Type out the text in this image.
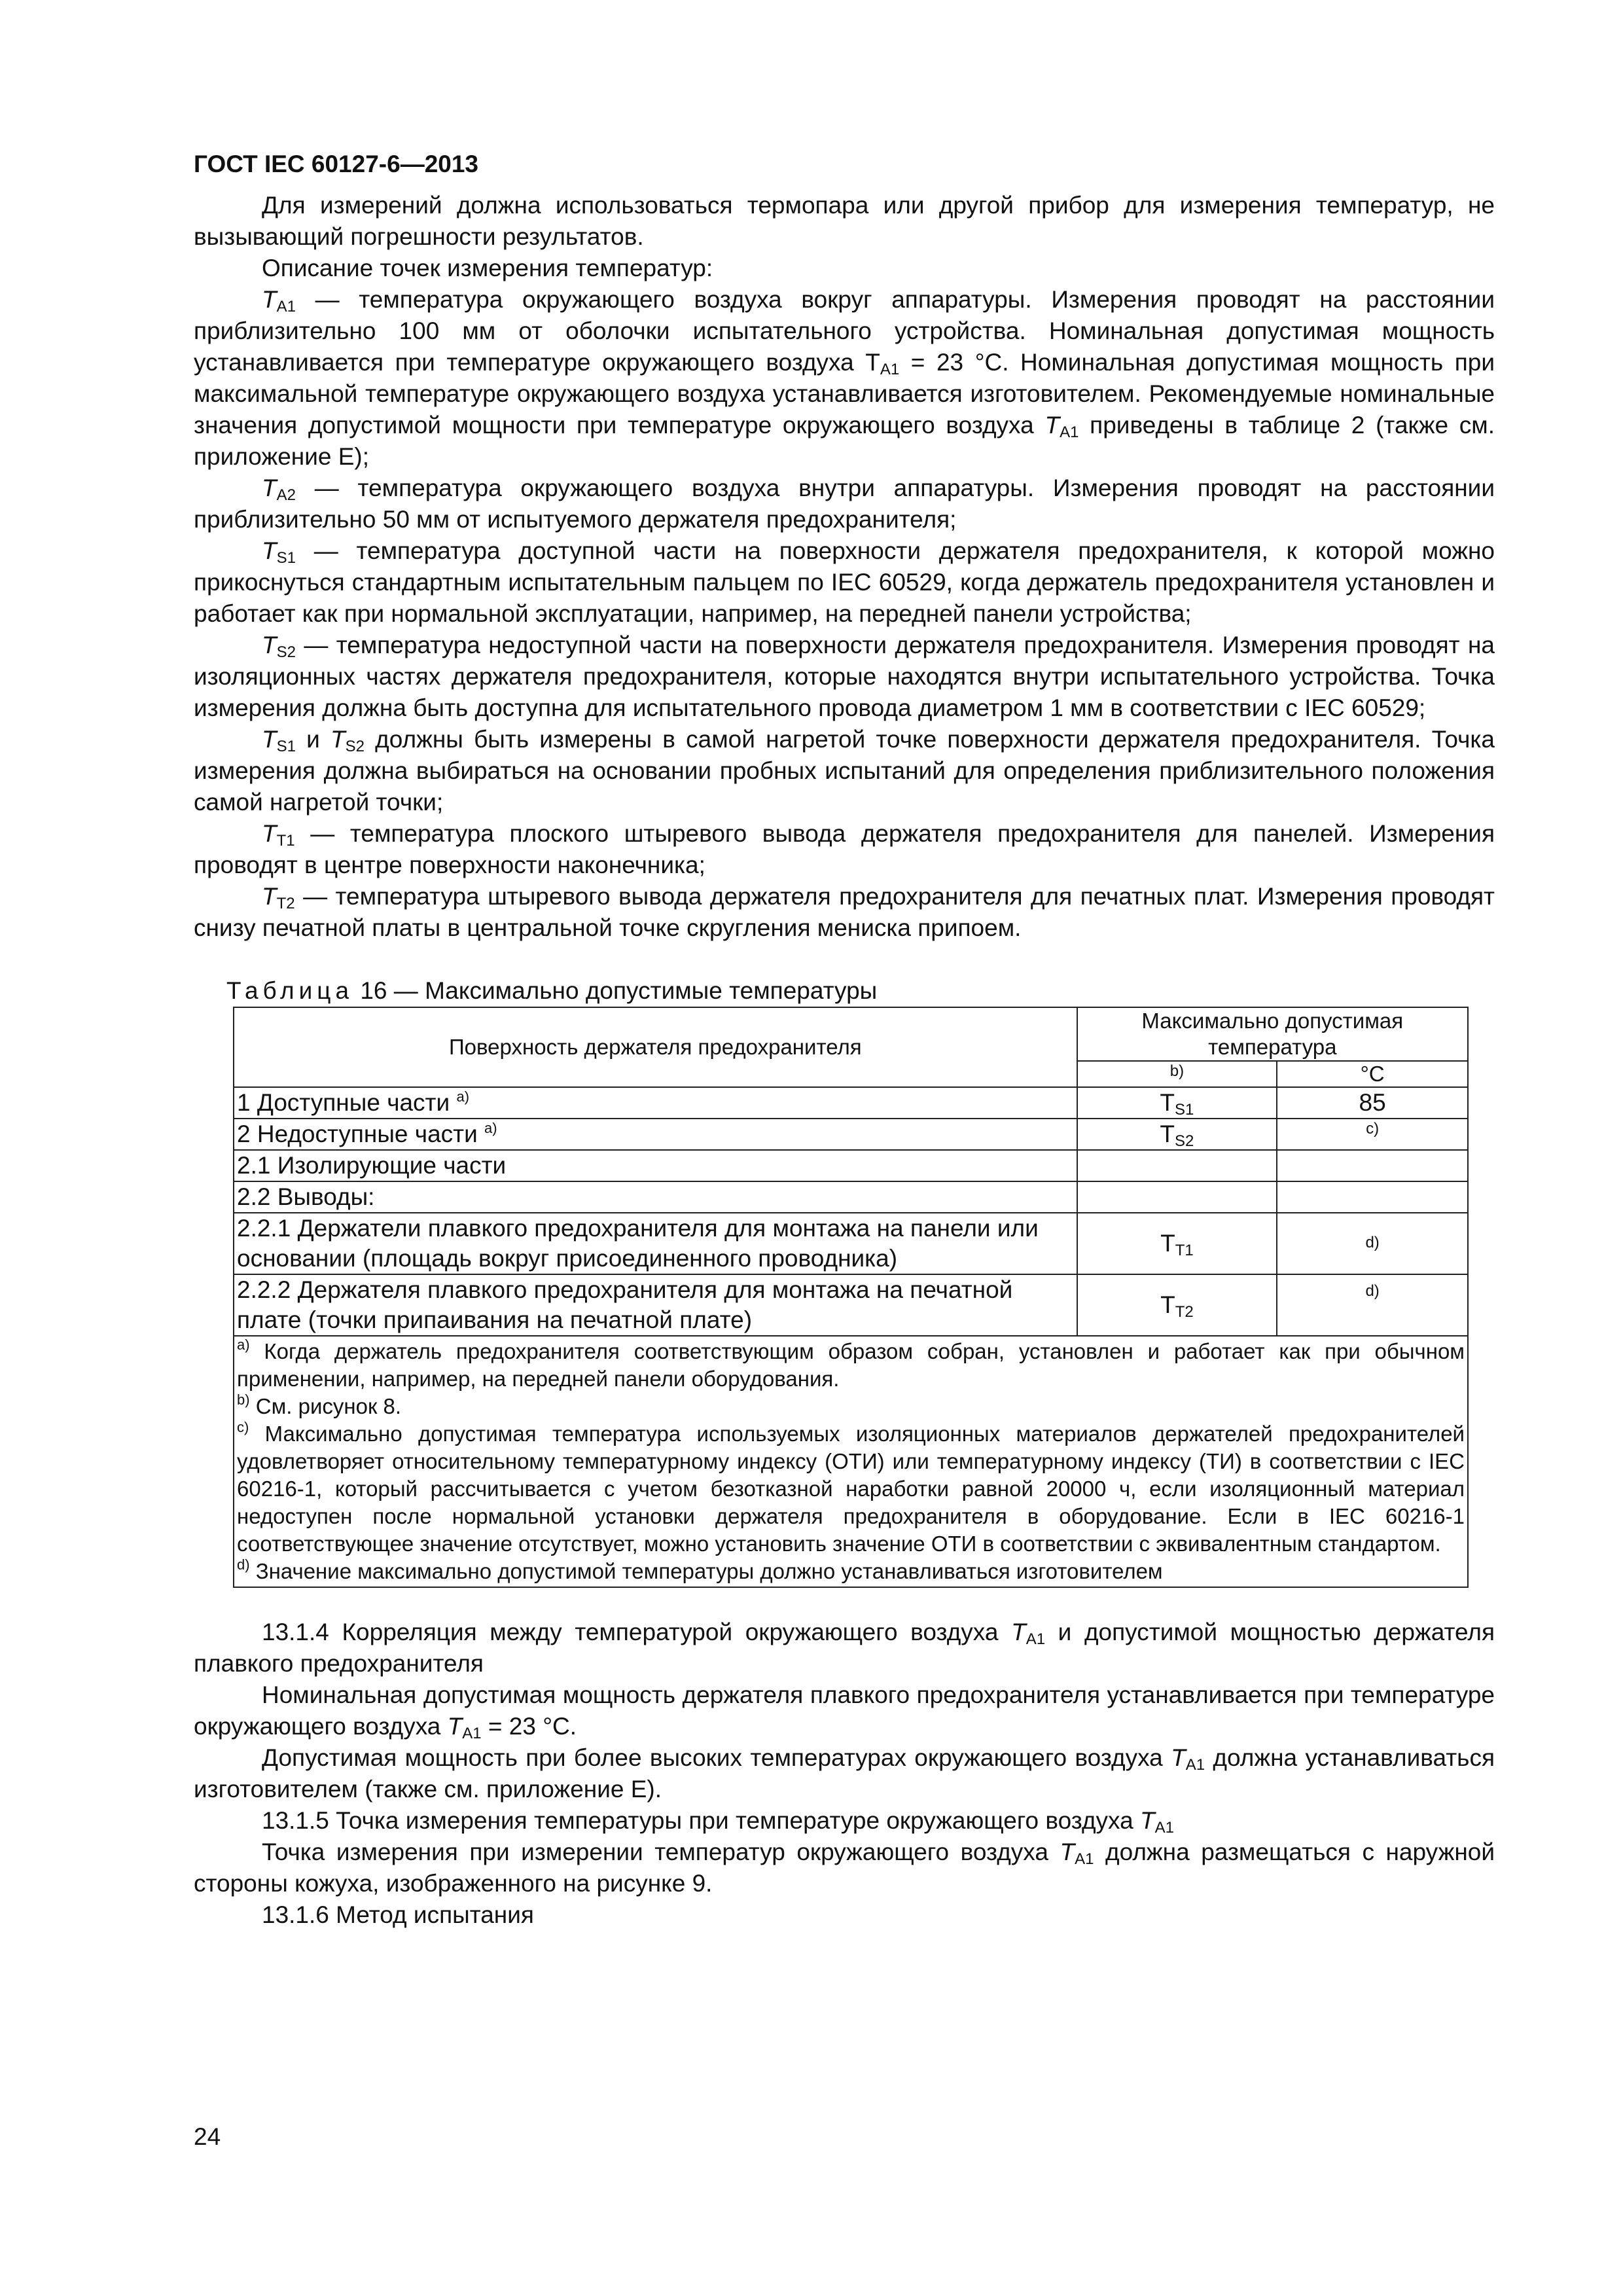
ГОСТ IEC 60127-6—2013

Для измерений должна использоваться термопара или другой прибор для измерения температур, не вызывающий погрешности результатов.

Описание точек измерения температур:

$T_{A1}$ — температура окружающего воздуха вокруг аппаратуры. Измерения проводят на расстоянии приблизительно 100 мм от оболочки испытательного устройства. Номинальная допустимая мощность устанавливается при температуре окружающего воздуха $T_{A1} = 23$ °C. Номинальная допустимая мощность при максимальной температуре окружающего воздуха устанавливается изготовителем. Рекомендуемые номинальные значения допустимой мощности при температуре окружающего воздуха $T_{A1}$ приведены в таблице 2 (также см. приложение Е);

$T_{A2}$ — температура окружающего воздуха внутри аппаратуры. Измерения проводят на расстоянии приблизительно 50 мм от испытуемого держателя предохранителя;

$T_{S1}$ — температура доступной части на поверхности держателя предохранителя, к которой можно прикоснуться стандартным испытательным пальцем по IEC 60529, когда держатель предохранителя установлен и работает как при нормальной эксплуатации, например, на передней панели устройства;

$T_{S2}$ — температура недоступной части на поверхности держателя предохранителя. Измерения проводят на изоляционных частях держателя предохранителя, которые находятся внутри испытательного устройства. Точка измерения должна быть доступна для испытательного провода диаметром 1 мм в соответствии с IEC 60529;

$T_{S1}$ и $T_{S2}$ должны быть измерены в самой нагретой точке поверхности держателя предохранителя. Точка измерения должна выбираться на основании пробных испытаний для определения приблизительного положения самой нагретой точки;

$T_{T1}$ — температура плоского штыревого вывода держателя предохранителя для панелей. Измерения проводят в центре поверхности наконечника;

$T_{T2}$ — температура штыревого вывода держателя предохранителя для печатных плат. Измерения проводят снизу печатной платы в центральной точке скругления мениска припоем.

Таблица 16 — Максимально допустимые температуры
Поверхность держателя предохранителя	Максимально допустимая температура	
	b)	°C
1 Доступные части $^{a)}$	$T_{S1}$	85
2 Недоступные части $^{a)}$	$T_{S2}$	c)
2.1 Изолирующие части		
2.2 Выводы:		
2.2.1 Держатели плавкого предохранителя для монтажа на панели или основании (площадь вокруг присоединенного проводника)	$T_{T1}$	d)
2.2.2 Держателя плавкого предохранителя для монтажа на печатной плате (точки припаивания на печатной плате)	$T_{T2}$	d)

$^{a)}$ Когда держатель предохранителя соответствующим образом собран, установлен и работает как при обычном применении, например, на передней панели оборудования.
$^{b)}$ См. рисунок 8.
$^{c)}$ Максимально допустимая температура используемых изоляционных материалов держателей предохранителей удовлетворяет относительному температурному индексу (ОТИ) или температурному индексу (ТИ) в соответствии с IEC 60216-1, который рассчитывается с учетом безотказной наработки равной 20000 ч, если изоляционный материал недоступен после нормальной установки держателя предохранителя в оборудование. Если в IEC 60216-1 соответствующее значение отсутствует, можно установить значение ОТИ в соответствии с эквивалентным стандартом.
$^{d)}$ Значение максимально допустимой температуры должно устанавливаться изготовителем		

13.1.4 Корреляция между температурой окружающего воздуха $T_{A1}$ и допустимой мощностью держателя плавкого предохранителя

Номинальная допустимая мощность держателя плавкого предохранителя устанавливается при температуре окружающего воздуха $T_{A1} = 23$ °C.

Допустимая мощность при более высоких температурах окружающего воздуха $T_{A1}$ должна устанавливаться изготовителем (также см. приложение Е).

13.1.5 Точка измерения температуры при температуре окружающего воздуха $T_{A1}$

Точка измерения при измерении температур окружающего воздуха $T_{A1}$ должна размещаться с наружной стороны кожуха, изображенного на рисунке 9.

13.1.6 Метод испытания

24
